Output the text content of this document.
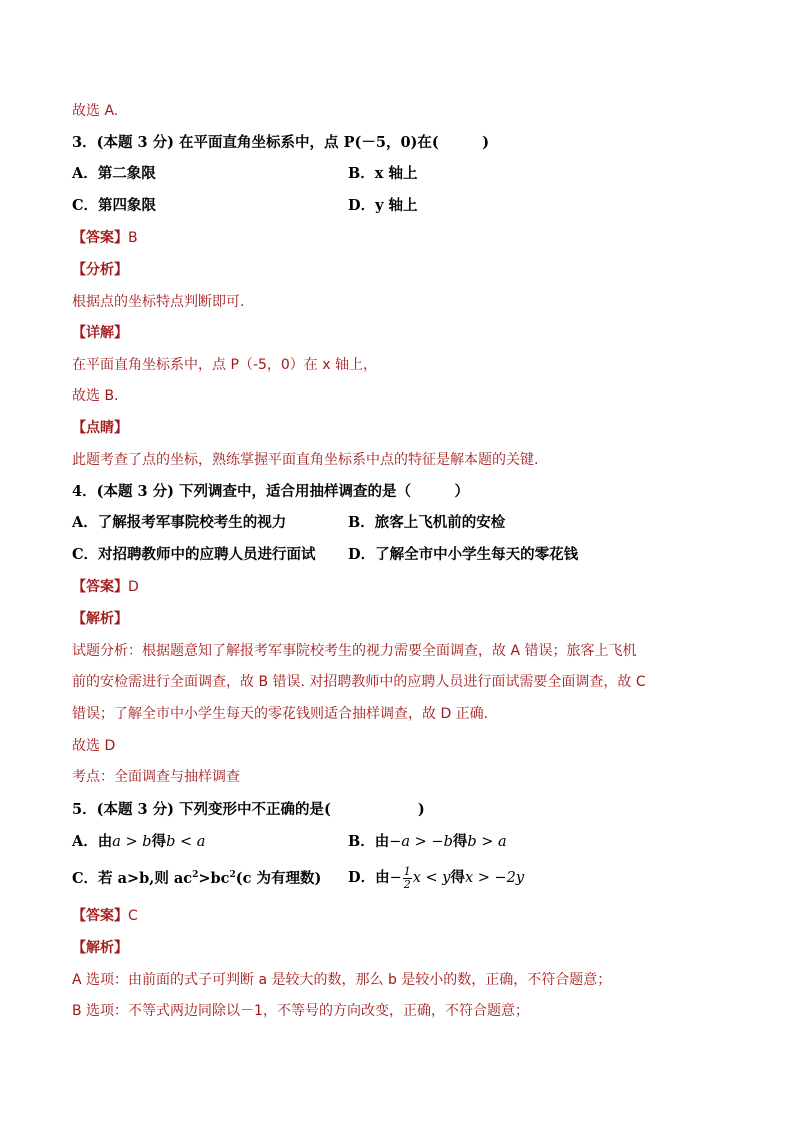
故选 A.
3．(本题 3 分) 在平面直角坐标系中，点 P(－5，0)在(　　　)
A．第二象限	B．x 轴上
C．第四象限	D．y 轴上
【答案】B
【分析】
根据点的坐标特点判断即可.
【详解】
在平面直角坐标系中，点 P（-5，0）在 x 轴上，
故选 B.
【点睛】
此题考查了点的坐标，熟练掌握平面直角坐标系中点的特征是解本题的关键.
4．(本题 3 分) 下列调查中，适合用抽样调查的是（　　　）
A．了解报考军事院校考生的视力	B．旅客上飞机前的安检
C．对招聘教师中的应聘人员进行面试 D．了解全市中小学生每天的零花钱
【答案】D
【解析】
试题分析：根据题意知了解报考军事院校考生的视力需要全面调查，故 A 错误；旅客上飞机
前的安检需进行全面调查，故 B 错误. 对招聘教师中的应聘人员进行面试需要全面调查，故 C
错误；了解全市中小学生每天的零花钱则适合抽样调查，故 D 正确.
故选 D
考点：全面调查与抽样调查
5．(本题 3 分) 下列变形中不正确的是(　　　　　　)
A．由a > b得b < a	B．由−a > −b得b > a
C．若 a>b,则 $ac^2>bc^2(c$ 为有理数) D．由− $\frac{1}{2}$ x < y得x > −2y
【答案】C
【解析】
A 选项：由前面的式子可判断 a 是较大的数，那么 b 是较小的数，正确，不符合题意；
B 选项：不等式两边同除以－1，不等号的方向改变，正确，不符合题意；
